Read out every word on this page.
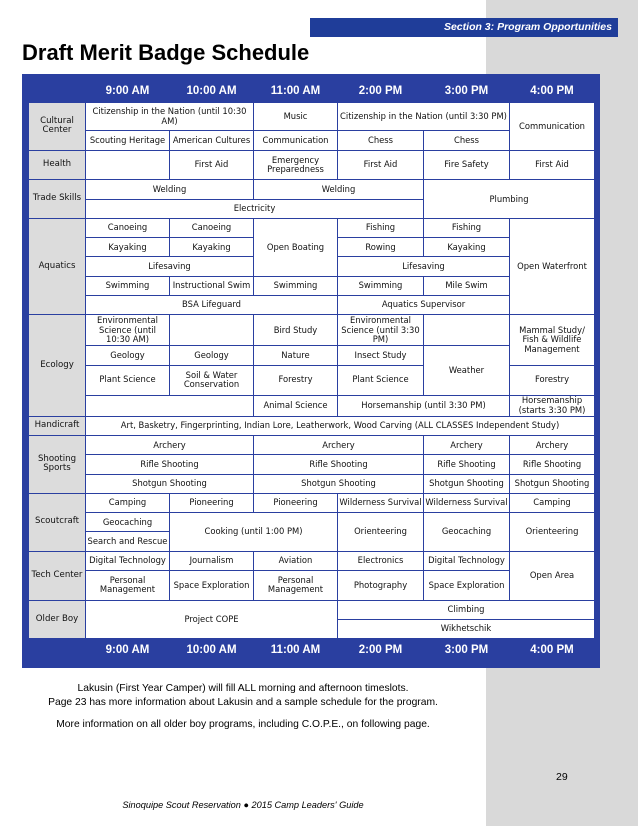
Section 3: Program Opportunities
Draft Merit Badge Schedule
	9:00 AM	10:00 AM	11:00 AM	2:00 PM	3:00 PM	4:00 PM
Cultural Center	Citizenship in the Nation (until 10:30 AM)		Music	Citizenship in the Nation (until 3:30 PM)		Communication
	Scouting Heritage	American Cultures	Communication	Chess	Chess	
Health		First Aid	Emergency Preparedness	First Aid	Fire Safety	First Aid
Trade Skills	Welding		Welding		Plumbing	
	Electricity					
Aquatics	Canoeing	Canoeing	Open Boating	Fishing	Fishing	Open Waterfront
	Kayaking	Kayaking		Rowing	Kayaking	
	Lifesaving			Lifesaving		
	Swimming	Instructional Swim	Swimming	Swimming	Mile Swim	
	BSA Lifeguard			Aquatics Supervisor		
Ecology	Environmental Science (until 10:30 AM)		Bird Study	Environmental Science (until 3:30 PM)		Mammal Study/ Fish & Wildlife Management
	Geology	Geology	Nature	Insect Study	Weather	
	Plant Science	Soil & Water Conservation	Forestry	Plant Science		Forestry
			Animal Science	Horsemanship (until 3:30 PM)		Horsemanship (starts 3:30 PM)
Handicraft	Art, Basketry, Fingerprinting, Indian Lore, Leatherwork, Wood Carving (ALL CLASSES Independent Study)					
Shooting Sports	Archery		Archery		Archery	Archery
	Rifle Shooting		Rifle Shooting		Rifle Shooting	Rifle Shooting
	Shotgun Shooting		Shotgun Shooting		Shotgun Shooting	Shotgun Shooting
Scoutcraft	Camping	Pioneering	Pioneering	Wilderness Survival	Wilderness Survival	Camping
	Geocaching	Cooking (until 1:00 PM)		Orienteering	Geocaching	Orienteering
	Search and Rescue					
Tech Center	Digital Technology	Journalism	Aviation	Electronics	Digital Technology	Open Area
	Personal Management	Space Exploration	Personal Management	Photography	Space Exploration	
Older Boy	Project COPE			Climbing		
				Wikhetschik		
	9:00 AM	10:00 AM	11:00 AM	2:00 PM	3:00 PM	4:00 PM
Lakusin (First Year Camper) will fill ALL morning and afternoon timeslots.
Page 23 has more information about Lakusin and a sample schedule for the program.
More information on all older boy programs, including C.O.P.E., on following page.
29
Sinoquipe Scout Reservation ● 2015 Camp Leaders' Guide
